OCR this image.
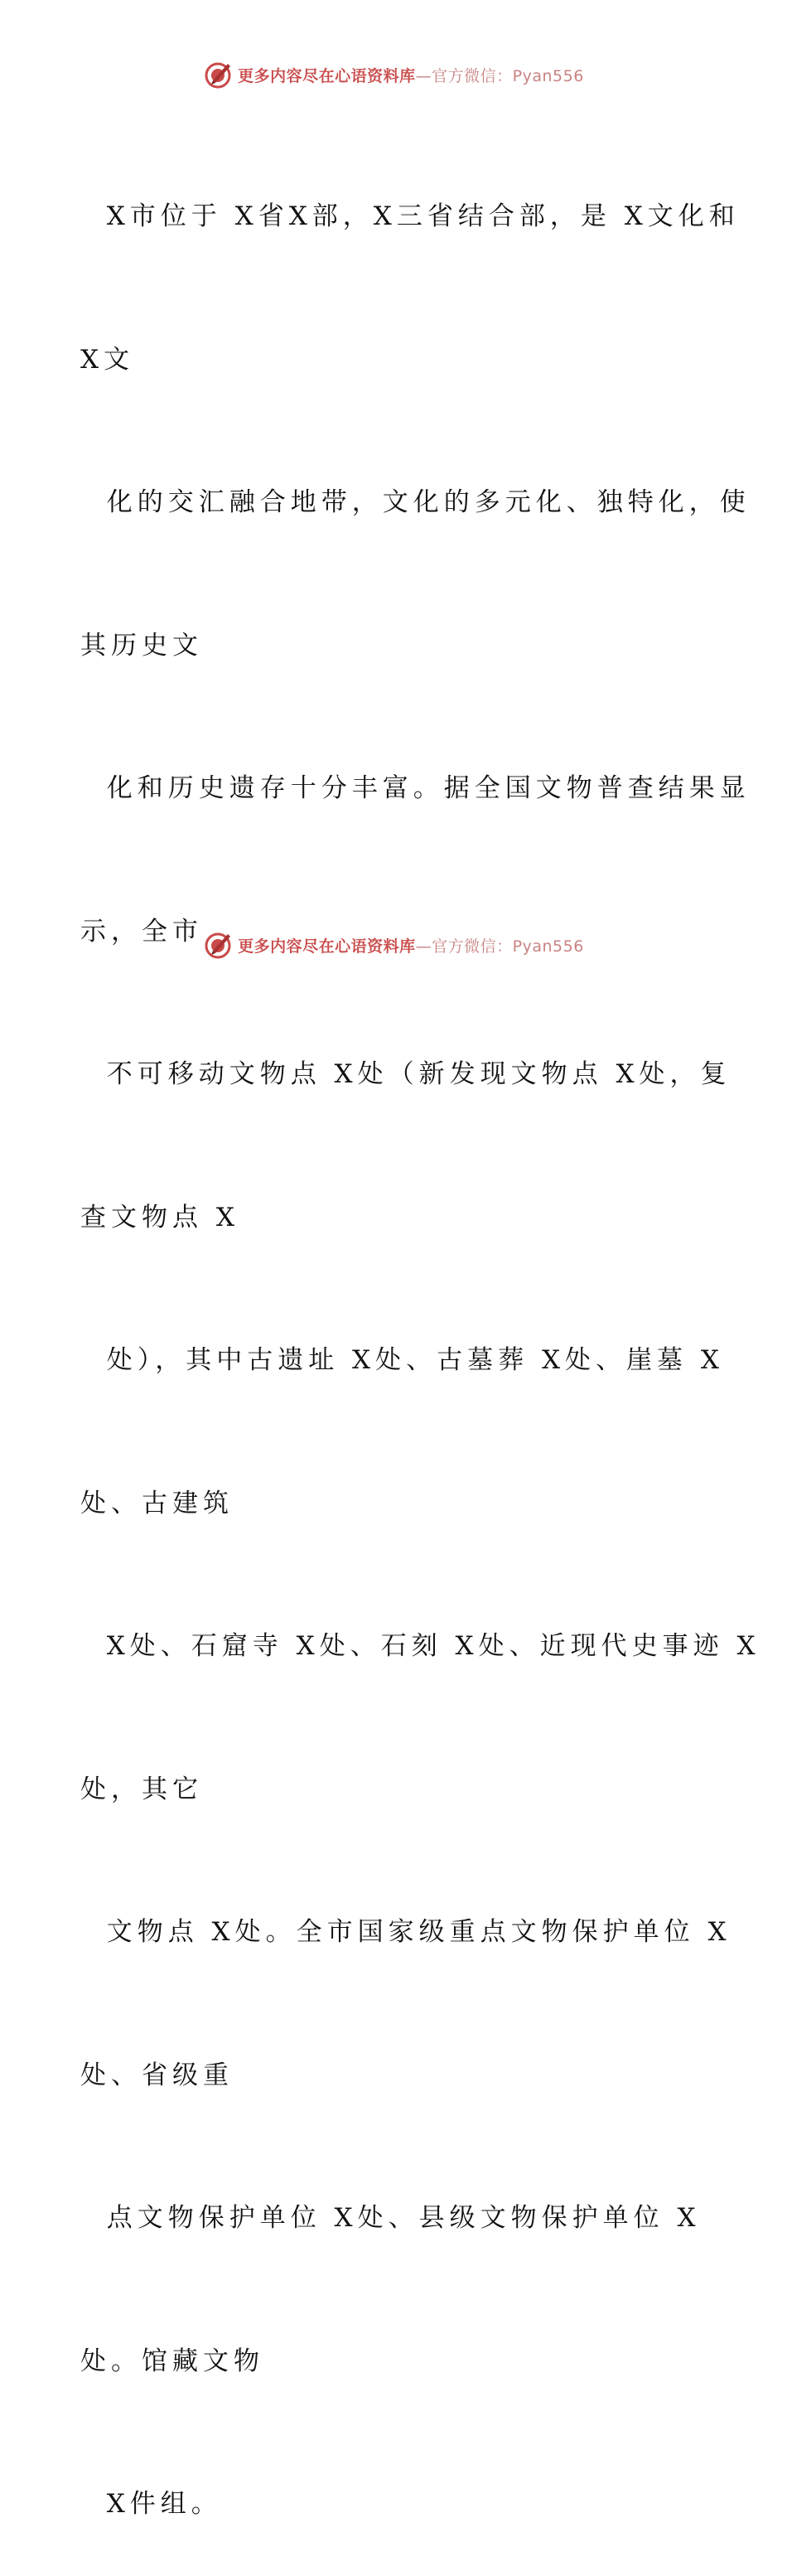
更多内容尽在心语资料库—官方微信：Pyan556

X市位于 X省X部，X三省结合部，是 X文化和

X文

化的交汇融合地带，文化的多元化、独特化，使

其历史文

化和历史遗存十分丰富。据全国文物普查结果显

示，全市

不可移动文物点 X处（新发现文物点 X处，复

查文物点 X

处），其中古遗址 X处、古墓葬 X处、崖墓 X

处、古建筑

X处、石窟寺 X处、石刻 X处、近现代史事迹 X

处，其它

文物点 X处。全市国家级重点文物保护单位 X

处、省级重

点文物保护单位 X处、县级文物保护单位 X

处。馆藏文物

X件组。

更多内容尽在心语资料库—官方微信：Pyan556
